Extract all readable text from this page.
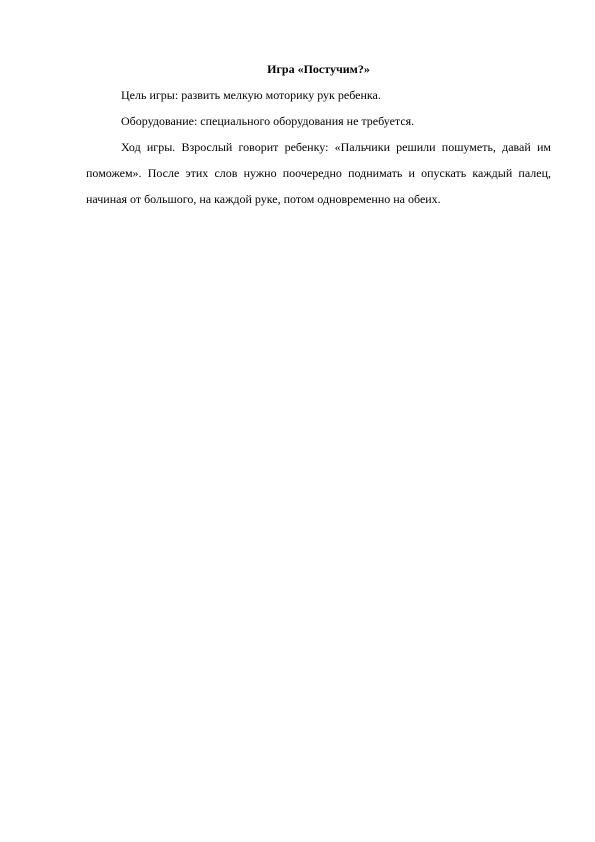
Игра «Постучим?»

Цель игры: развить мелкую моторику рук ребенка.

Оборудование: специального оборудования не требуется.

Ход игры. Взрослый говорит ребенку: «Пальчики решили пошуметь, давай им поможем». После этих слов нужно поочередно поднимать и опускать каждый палец, начиная от большого, на каждой руке, потом одновременно на обеих.
